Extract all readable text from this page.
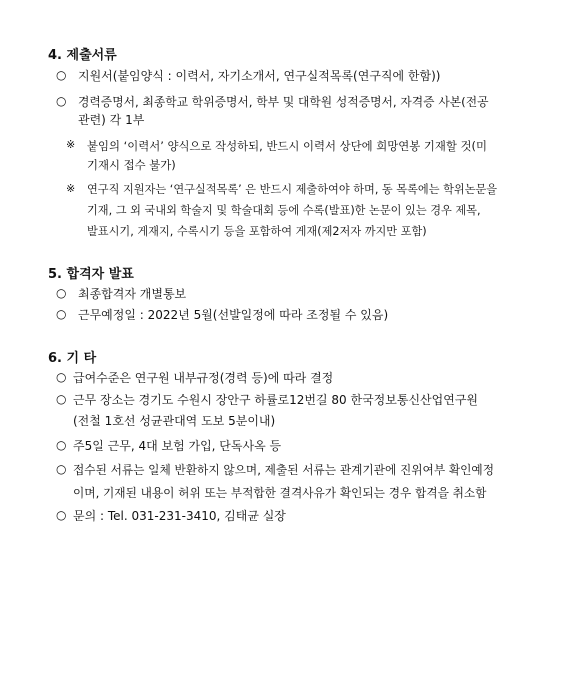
4. 제출서류
○ 지원서(붙임양식 : 이력서, 자기소개서, 연구실적목록(연구직에 한함))
○ 경력증명서, 최종학교 학위증명서, 학부 및 대학원 성적증명서, 자격증 사본(전공
관련) 각 1부
※ 붙임의 ‘이력서’ 양식으로 작성하되, 반드시 이력서 상단에 희망연봉 기재할 것(미
기재시 접수 불가)
※ 연구직 지원자는 ‘연구실적목록’ 은 반드시 제출하여야 하며, 동 목록에는 학위논문을
기재, 그 외 국내외 학술지 및 학술대회 등에 수록(발표)한 논문이 있는 경우 제목,
발표시기, 게재지, 수록시기 등을 포함하여 게재(제2저자 까지만 포함)
5. 합격자 발표
○ 최종합격자 개별통보
○ 근무예정일 : 2022년 5월(선발일정에 따라 조정될 수 있음)
6. 기 타
○ 급여수준은 연구원 내부규정(경력 등)에 따라 결정
○ 근무 장소는 경기도 수원시 장안구 하률로12번길 80 한국정보통신산업연구원
(전철 1호선 성균관대역 도보 5분이내)
○ 주5일 근무, 4대 보험 가입, 단독사옥 등
○ 접수된 서류는 일체 반환하지 않으며, 제출된 서류는 관계기관에 진위여부 확인예정
이며, 기재된 내용이 허위 또는 부적합한 결격사유가 확인되는 경우 합격을 취소함
○ 문의 : Tel. 031-231-3410, 김태균 실장
